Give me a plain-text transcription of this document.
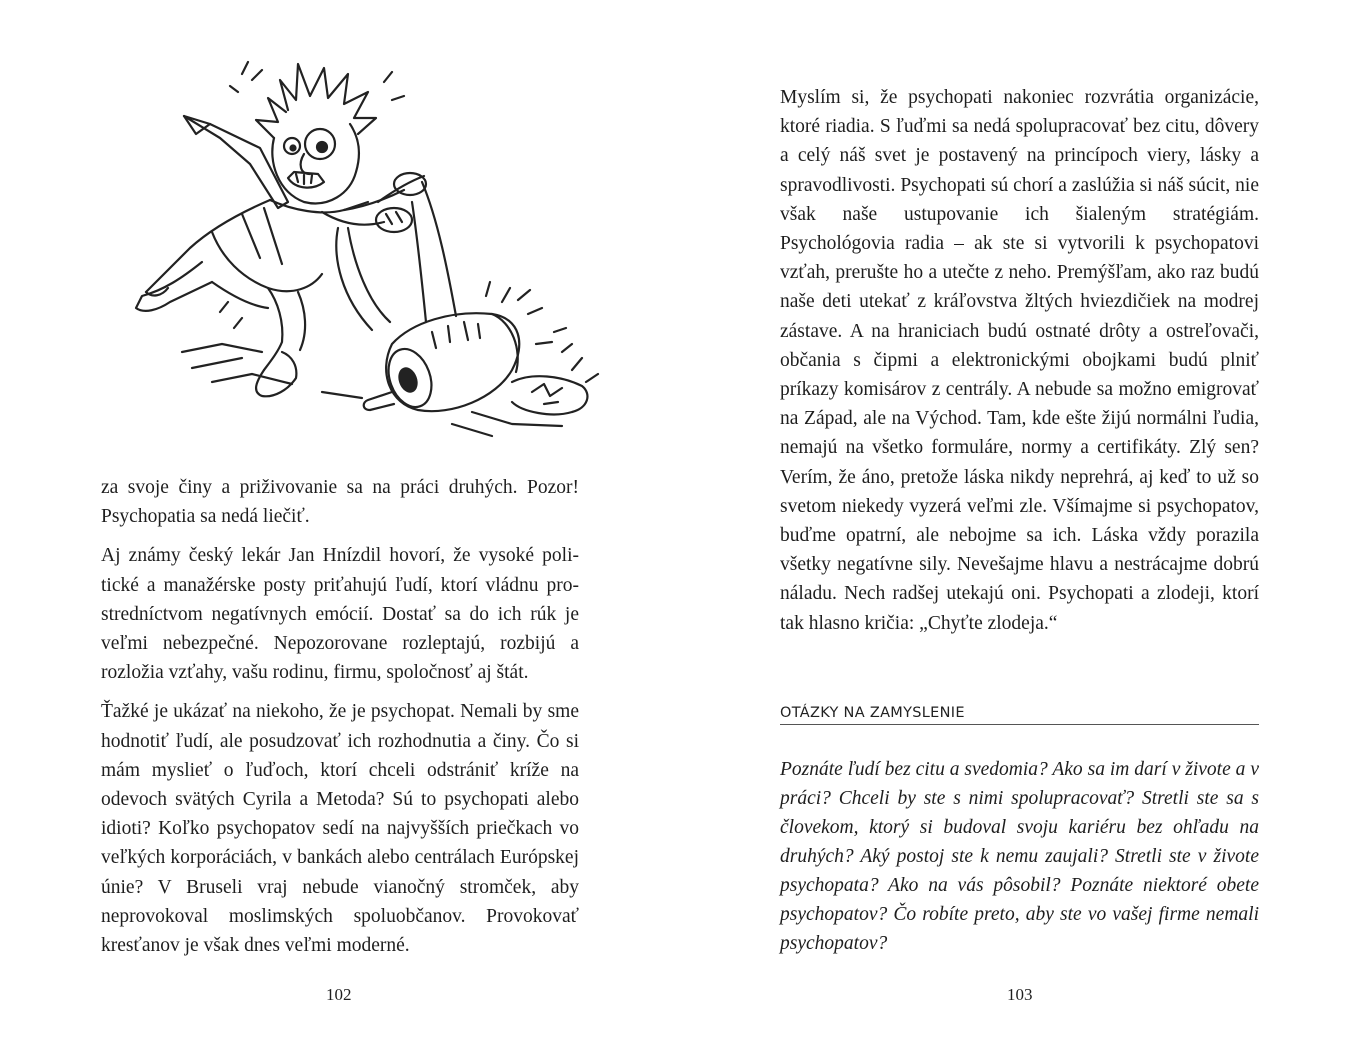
za svoje činy a priživovanie sa na práci druhých. Pozor! Psychopatia sa nedá liečiť.

Aj známy český lekár Jan Hnízdil hovorí, že vysoké politické a manažérske posty priťahujú ľudí, ktorí vládnu prostredníctvom negatívnych emócií. Dostať sa do ich rúk je veľmi nebezpečné. Nepozorovane rozleptajú, rozbijú a rozložia vzťahy, vašu rodinu, firmu, spoločnosť aj štát.

Ťažké je ukázať na niekoho, že je psychopat. Nemali by sme hodnotiť ľudí, ale posudzovať ich rozhodnutia a činy. Čo si mám myslieť o ľuďoch, ktorí chceli odstrániť kríže na odevoch svätých Cyrila a Metoda? Sú to psychopati alebo idioti? Koľko psychopatov sedí na najvyšších priečkach vo veľkých korporáciách, v bankách alebo centrálach Európskej únie? V Bruseli vraj nebude vianočný stromček, aby neprovokoval moslimských spoluobčanov. Provokovať kresťanov je však dnes veľmi moderné.

102

Myslím si, že psychopati nakoniec rozvrátia organizácie, ktoré riadia. S ľuďmi sa nedá spolupracovať bez citu, dôvery a celý náš svet je postavený na princípoch viery, lásky a spravodlivosti. Psychopati sú chorí a zaslúžia si náš súcit, nie však naše ustupovanie ich šialeným stratégiám. Psychológovia radia – ak ste si vytvorili k psychopatovi vzťah, prerušte ho a utečte z neho. Premýšľam, ako raz budú naše deti utekať z kráľovstva žltých hviezdičiek na modrej zástave. A na hraniciach budú ostnaté drôty a ostreľovači, občania s čipmi a elektronickými obojkami budú plniť príkazy komisárov z centrály. A nebude sa možno emigrovať na Západ, ale na Východ. Tam, kde ešte žijú normálni ľudia, nemajú na všetko formuláre, normy a certifikáty. Zlý sen? Verím, že áno, pretože láska nikdy neprehrá, aj keď to už so svetom niekedy vyzerá veľmi zle. Všímajme si psychopatov, buďme opatrní, ale nebojme sa ich. Láska vždy porazila všetky negatívne sily. Nevešajme hlavu a nestrácajme dobrú náladu. Nech radšej utekajú oni. Psychopati a zlodeji, ktorí tak hlasno kričia: „Chyťte zlodeja.“

OTÁZKY NA ZAMYSLENIE
Poznáte ľudí bez citu a svedomia? Ako sa im darí v živote a v práci? Chceli by ste s nimi spolupracovať? Stretli ste sa s človekom, ktorý si budoval svoju kariéru bez ohľadu na druhých? Aký postoj ste k nemu zaujali? Stretli ste v živote psychopata? Ako na vás pôsobil? Poznáte niektoré obete psychopatov? Čo robíte preto, aby ste vo vašej firme nemali psychopatov?
103
